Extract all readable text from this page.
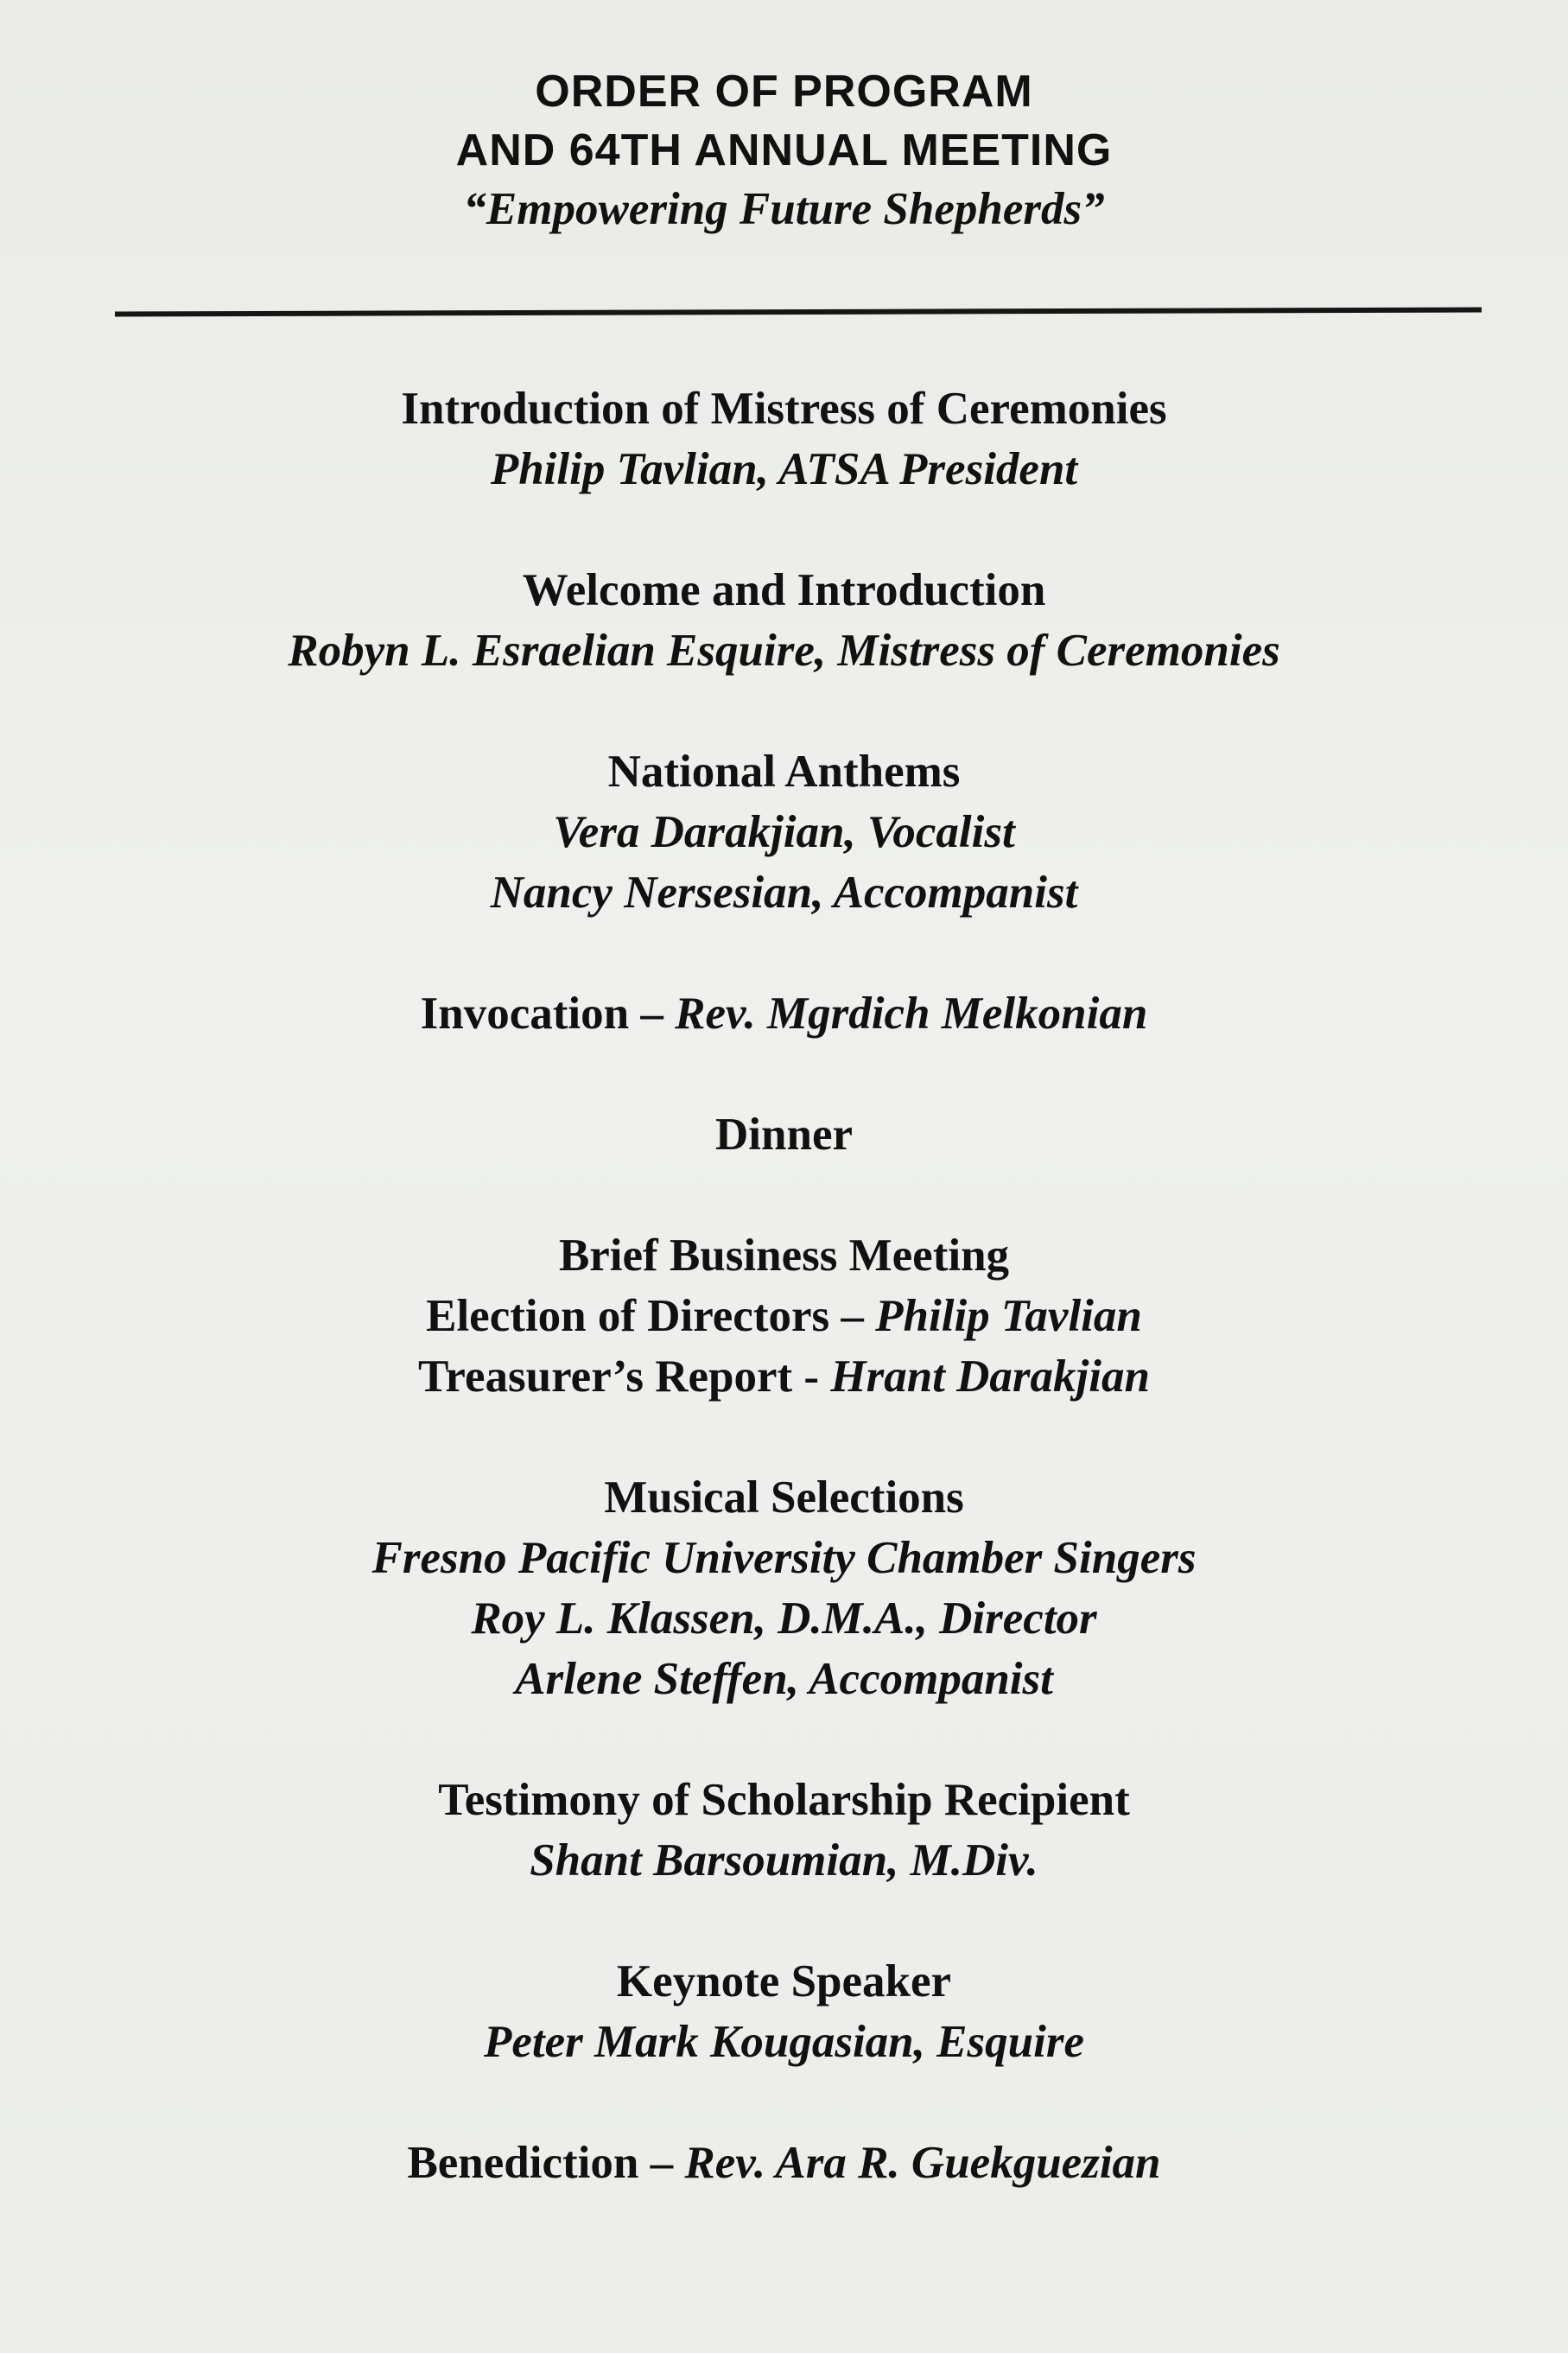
ORDER OF PROGRAM
AND 64TH ANNUAL MEETING
“Empowering Future Shepherds”
Introduction of Mistress of Ceremonies
Philip Tavlian, ATSA President
Welcome and Introduction
Robyn L. Esraelian Esquire, Mistress of Ceremonies
National Anthems
Vera Darakjian, Vocalist
Nancy Nersesian, Accompanist
Invocation – Rev. Mgrdich Melkonian
Dinner
Brief Business Meeting
Election of Directors – Philip Tavlian
Treasurer’s Report - Hrant Darakjian
Musical Selections
Fresno Pacific University Chamber Singers
Roy L. Klassen, D.M.A., Director
Arlene Steffen, Accompanist
Testimony of Scholarship Recipient
Shant Barsoumian, M.Div.
Keynote Speaker
Peter Mark Kougasian, Esquire
Benediction – Rev. Ara R. Guekguezian
